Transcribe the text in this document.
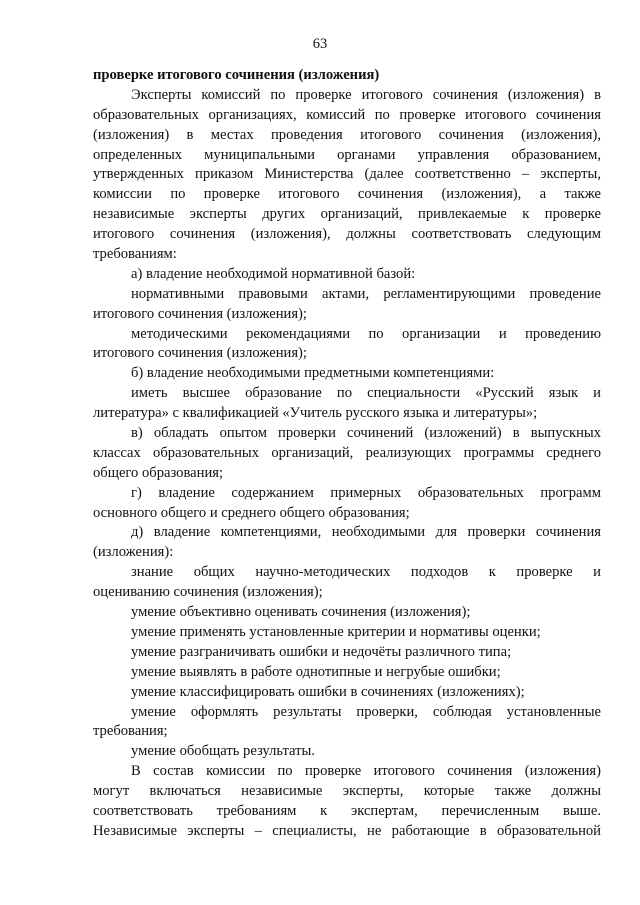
63
проверке итогового сочинения (изложения)
Эксперты комиссий по проверке итогового сочинения (изложения) в
образовательных организациях, комиссий по проверке итогового сочинения
(изложения) в местах проведения итогового сочинения (изложения),
определенных муниципальными органами управления образованием,
утвержденных приказом Министерства (далее соответственно – эксперты,
комиссии по проверке итогового сочинения (изложения), а также
независимые эксперты других организаций, привлекаемые к проверке
итогового сочинения (изложения), должны соответствовать следующим
требованиям:
а) владение необходимой нормативной базой:
нормативными правовыми актами, регламентирующими проведение
итогового сочинения (изложения);
методическими рекомендациями по организации и проведению
итогового сочинения (изложения);
б) владение необходимыми предметными компетенциями:
иметь высшее образование по специальности «Русский язык и
литература» с квалификацией «Учитель русского языка и литературы»;
в) обладать опытом проверки сочинений (изложений) в выпускных
классах образовательных организаций, реализующих программы среднего
общего образования;
г) владение содержанием примерных образовательных программ
основного общего и среднего общего образования;
д) владение компетенциями, необходимыми для проверки сочинения
(изложения):
знание общих научно-методических подходов к проверке и
оцениванию сочинения (изложения);
умение объективно оценивать сочинения (изложения);
умение применять установленные критерии и нормативы оценки;
умение разграничивать ошибки и недочёты различного типа;
умение выявлять в работе однотипные и негрубые ошибки;
умение классифицировать ошибки в сочинениях (изложениях);
умение оформлять результаты проверки, соблюдая установленные
требования;
умение обобщать результаты.
В состав комиссии по проверке итогового сочинения (изложения)
могут включаться независимые эксперты, которые также должны
соответствовать требованиям к экспертам, перечисленным выше.
Независимые эксперты – специалисты, не работающие в образовательной
